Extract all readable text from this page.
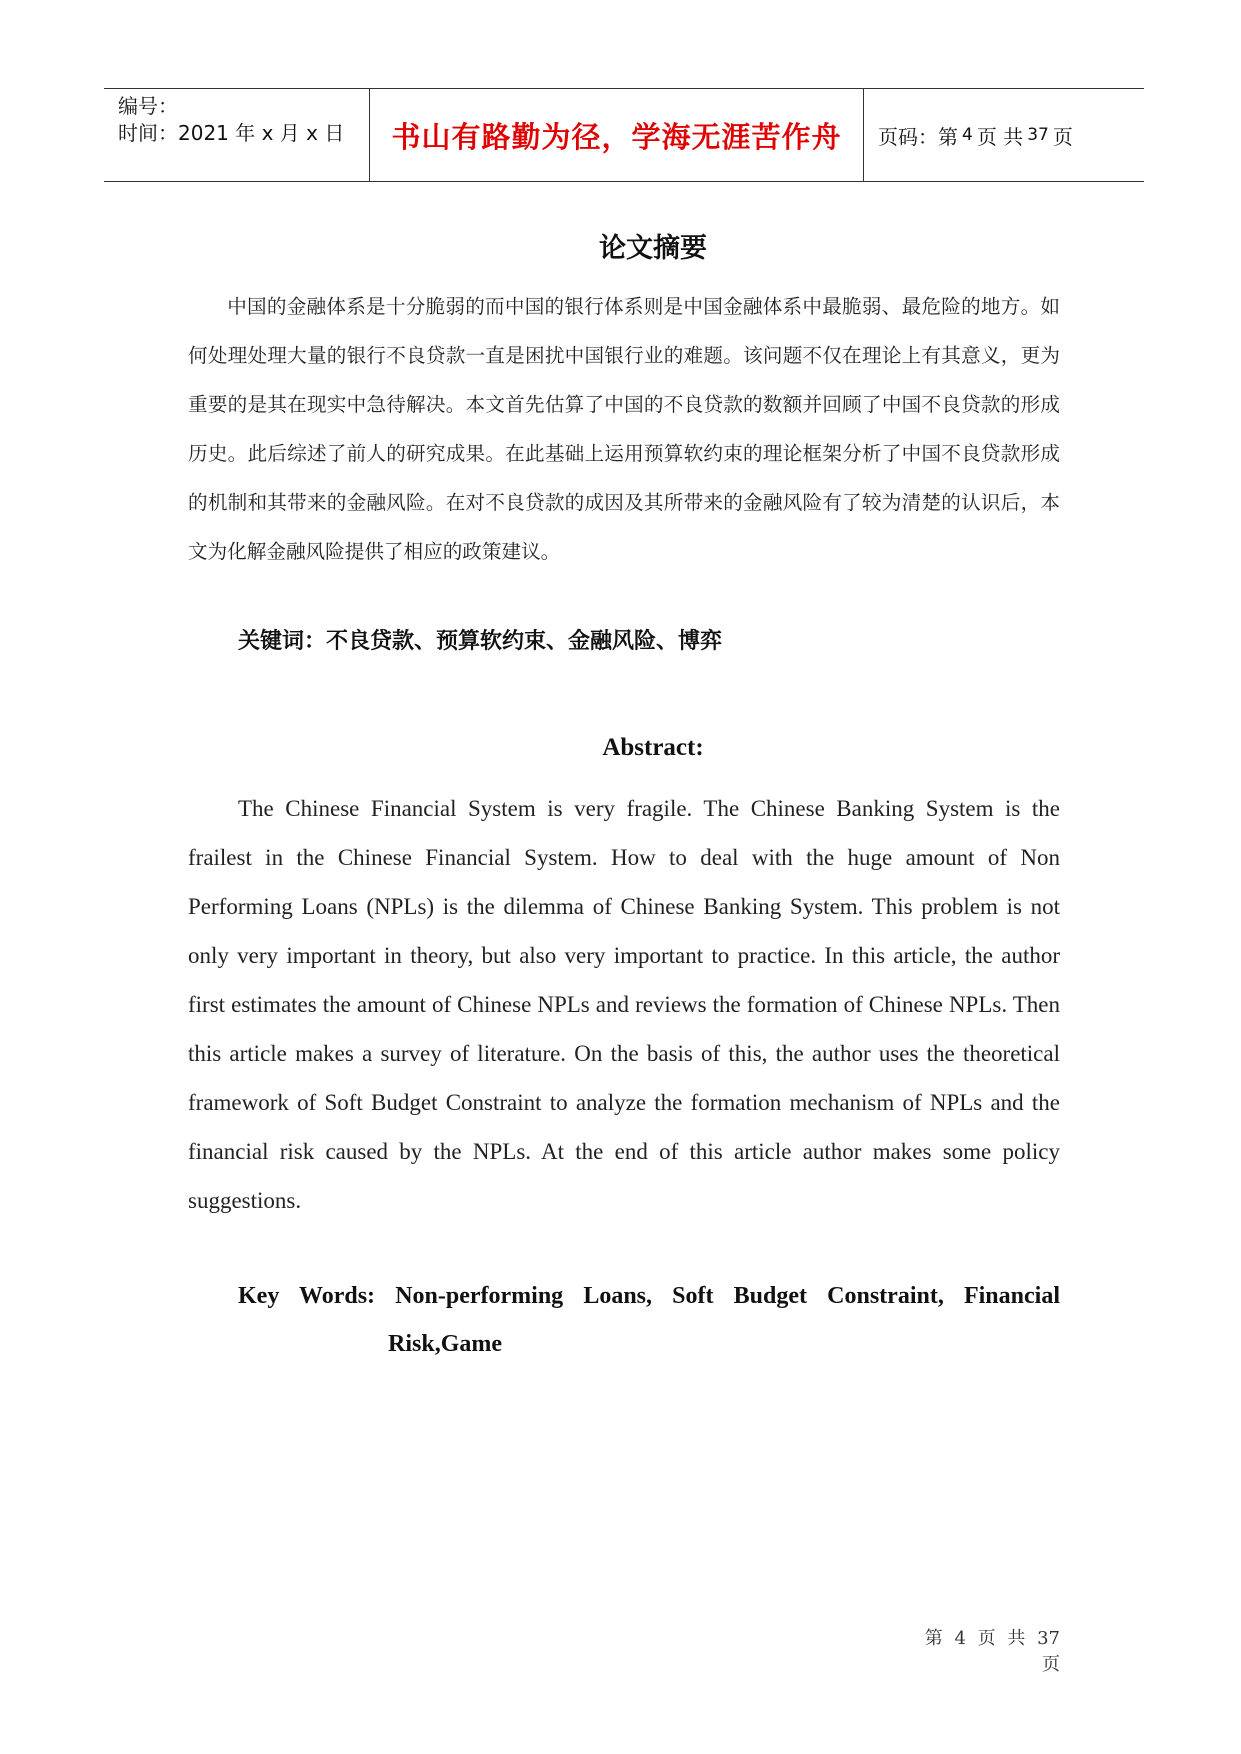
编号：
时间：2021 年 x 月 x 日	书山有路勤为径，学海无涯苦作舟	页码：第 4 页 共 37 页
论文摘要
中国的金融体系是十分脆弱的而中国的银行体系则是中国金融体系中最脆弱、最危险的地方。如何处理处理大量的银行不良贷款一直是困扰中国银行业的难题。该问题不仅在理论上有其意义，更为重要的是其在现实中急待解决。本文首先估算了中国的不良贷款的数额并回顾了中国不良贷款的形成历史。此后综述了前人的研究成果。在此基础上运用预算软约束的理论框架分析了中国不良贷款形成的机制和其带来的金融风险。在对不良贷款的成因及其所带来的金融风险有了较为清楚的认识后，本文为化解金融风险提供了相应的政策建议。
关键词：不良贷款、预算软约束、金融风险、博弈
Abstract:
The Chinese Financial System is very fragile. The Chinese Banking System is the frailest in the Chinese Financial System. How to deal with the huge amount of Non Performing Loans (NPLs) is the dilemma of Chinese Banking System. This problem is not only very important in theory, but also very important to practice. In this article, the author first estimates the amount of Chinese NPLs and reviews the formation of Chinese NPLs. Then this article makes a survey of literature. On the basis of this, the author uses the theoretical framework of Soft Budget Constraint to analyze the formation mechanism of NPLs and the financial risk caused by the NPLs. At the end of this article author makes some policy suggestions.
Key Words: Non-performing Loans, Soft Budget Constraint, Financial Risk,Game
第 4 页 共 37 页
